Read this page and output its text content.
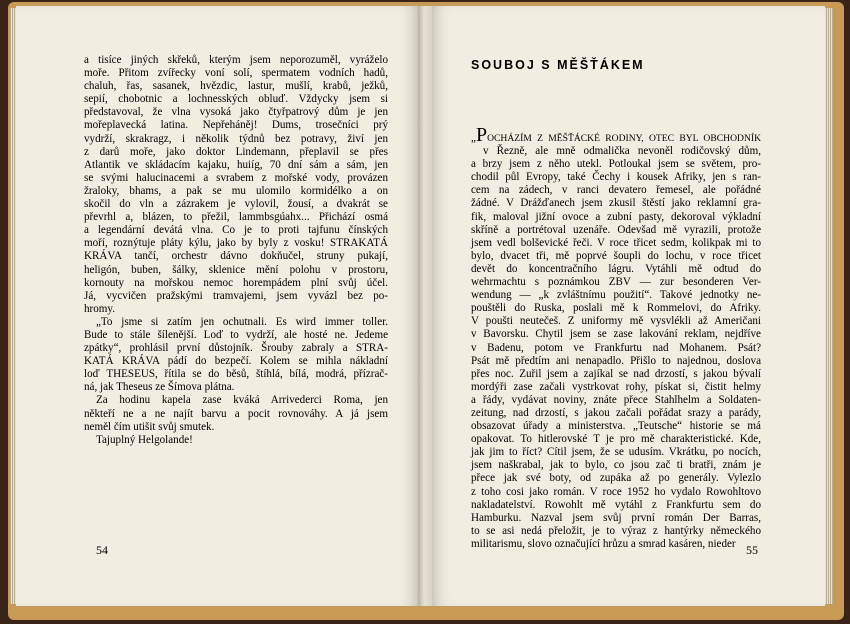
a tisíce jiných skřeků, kterým jsem neporozuměl, vyráželo
moře. Přitom zvířecky voní solí, spermatem vodních hadů,
chaluh, řas, sasanek, hvězdic, lastur, mušlí, krabů, ježků,
sepií, chobotnic a lochnesských obluď. Vždycky jsem si
představoval, že vlna vysoká jako čtyřpatrový dům je jen
mořeplavecká latina. Nepřeháněj! Dums, trosečníci prý
vydrží, skrakragz, i několik týdnů bez potravy, živí jen
z darů moře, jako doktor Lindemann, přeplavil se přes
Atlantik ve skládacím kajaku, huiíg, 70 dní sám a sám, jen
se svými halucinacemi a svrabem z mořské vody, provázen
žraloky, bhams, a pak se mu ulomilo kormidélko a on
skočil do vln a zázrakem je vylovil, žousí, a dvakrát se
převrhl a, blázen, to přežil, lammbsgúahx... Přichází osmá
a legendární devátá vlna. Co je to proti tajfunu čínských
moří, roznýtuje pláty kýlu, jako by byly z vosku! STRAKATÁ
KRÁVA tančí, orchestr dávno dokňučel, struny pukají,
heligón, buben, šálky, sklenice mění polohu v prostoru,
kornouty na mořskou nemoc horempádem plní svůj účel.
Já, vycvičen pražskými tramvajemi, jsem vyvázl bez po-
hromy.
„To jsme si zatím jen ochutnali. Es wird immer toller.
Bude to stále šílenější. Loď to vydrží, ale hosté ne. Jedeme
zpátky“, prohlásil první důstojník. Šrouby zabraly a STRA-
KATÁ KRÁVA pádí do bezpečí. Kolem se mihla nákladní
loď THESEUS, řítila se do běsů, štíhlá, bílá, modrá, přízrač-
ná, jak Theseus ze Šímova plátna.
Za hodinu kapela zase kváká Arrivederci Roma, jen
někteří ne a ne najít barvu a pocit rovnováhy. A já jsem
neměl čím utišit svůj smutek.
Tajuplný Helgolande!
54
SOUBOJ S MĚŠŤÁKEM
„POCHÁZÍM Z MĚŠŤÁCKÉ RODINY, OTEC BYL OBCHODNÍK
v Řezně, ale mně odmalička nevoněl rodičovský dům,
a brzy jsem z něho utekl. Potloukal jsem se světem, pro-
chodil půl Evropy, také Čechy i kousek Afriky, jen s ran-
cem na zádech, v ranci devatero řemesel, ale pořádné
žádné. V Drážďanech jsem zkusil štěstí jako reklamní gra-
fik, maloval jižní ovoce a zubní pasty, dekoroval výkladní
skříně a portrétoval uzenáře. Odevšad mě vyrazili, protože
jsem vedl bolševické řeči. V roce třicet sedm, kolikpak mi to
bylo, dvacet tři, mě poprvé šoupli do lochu, v roce třicet
devět do koncentračního lágru. Vytáhli mě odtud do
wehrmachtu s poznámkou ZBV — zur besonderen Ver-
wendung — „k zvláštnímu použití“. Takové jednotky ne-
pouštěli do Ruska, poslali mě k Rommelovi, do Afriky.
V poušti neutečeš. Z uniformy mě vysvlékli až Američani
v Bavorsku. Chytil jsem se zase lakování reklam, nejdříve
v Badenu, potom ve Frankfurtu nad Mohanem. Psát?
Psát mě předtím ani nenapadlo. Přišlo to najednou, doslova
přes noc. Zuřil jsem a zajíkal se nad drzostí, s jakou bývalí
mordýři zase začali vystrkovat rohy, pískat si, čistit helmy
a řády, vydávat noviny, znáte přece Stahlhelm a Soldaten-
zeitung, nad drzostí, s jakou začali pořádat srazy a parády,
obsazovat úřady a ministerstva. „Teutsche“ historie se má
opakovat. To hitlerovské T je pro mě charakteristické. Kde,
jak jim to říct? Cítil jsem, že se udusím. Vkrátku, po nocích,
jsem naškrabal, jak to bylo, co jsou zač ti bratři, znám je
přece jak své boty, od zupáka až po generály. Vylezlo
z toho cosi jako román. V roce 1952 ho vydalo Rowohltovo
nakladatelství. Rowohlt mě vytáhl z Frankfurtu sem do
Hamburku. Nazval jsem svůj první román Der Barras,
to se asi nedá přeložit, je to výraz z hantýrky německého
militarismu, slovo označující hrůzu a smrad kasáren, nieder 55
